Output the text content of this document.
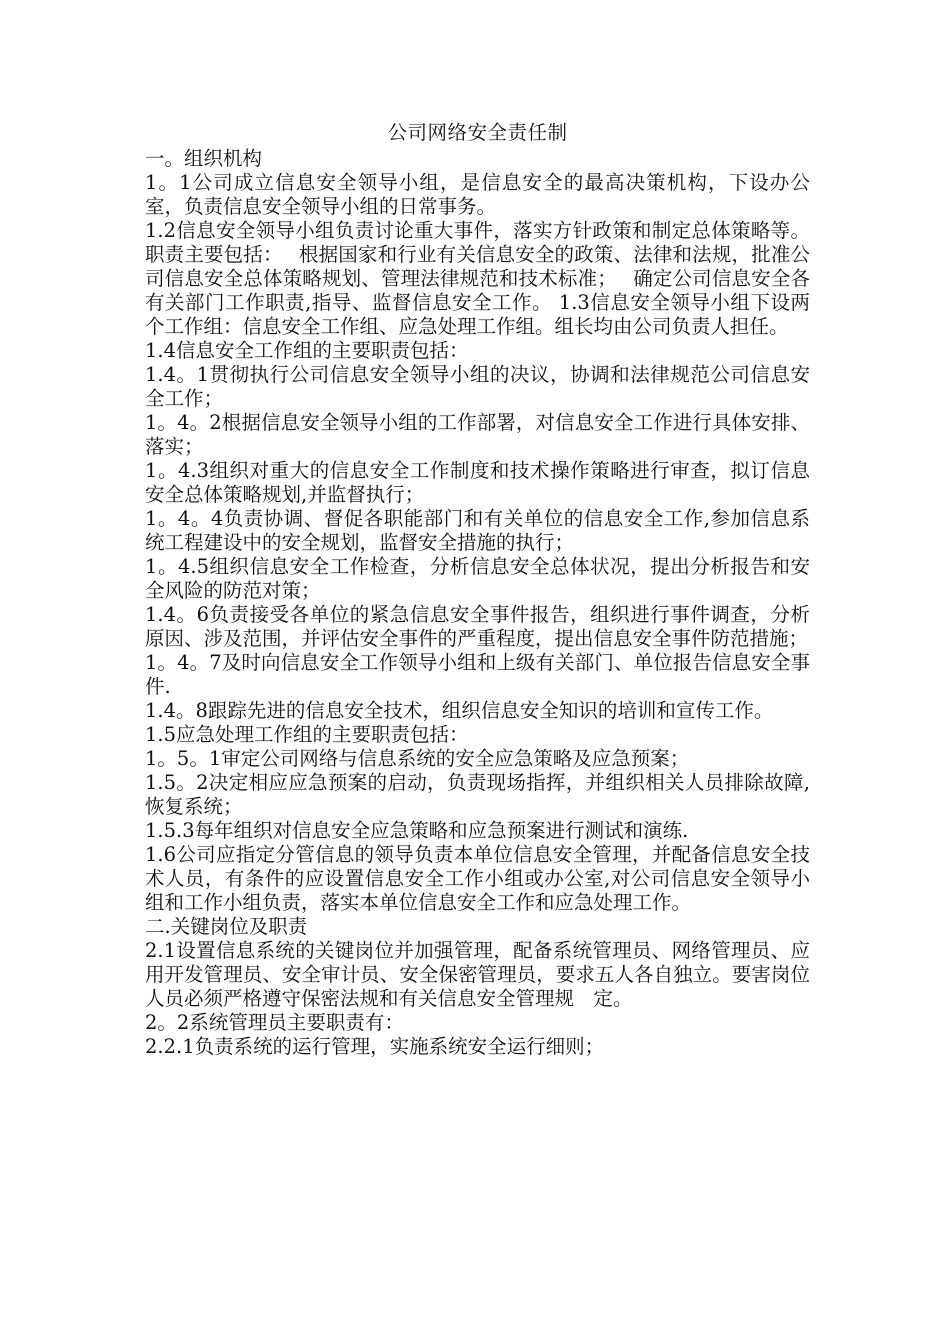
公司网络安全责任制

一。组织机构

1。1公司成立信息安全领导小组，是信息安全的最高决策机构，下设办公室，负责信息安全领导小组的日常事务。

1.2信息安全领导小组负责讨论重大事件，落实方针政策和制定总体策略等。职责主要包括：　 根据国家和行业有关信息安全的政策、法律和法规，批准公司信息安全总体策略规划、管理法律规范和技术标准；　 确定公司信息安全各有关部门工作职责,指导、监督信息安全工作。 1.3信息安全领导小组下设两个工作组：信息安全工作组、应急处理工作组。组长均由公司负责人担任。

1.4信息安全工作组的主要职责包括：

1.4。1贯彻执行公司信息安全领导小组的决议，协调和法律规范公司信息安全工作；

1。4。2根据信息安全领导小组的工作部署，对信息安全工作进行具体安排、落实；

1。4.3组织对重大的信息安全工作制度和技术操作策略进行审查，拟订信息安全总体策略规划,并监督执行；

1。4。4负责协调、督促各职能部门和有关单位的信息安全工作,参加信息系统工程建设中的安全规划，监督安全措施的执行；

1。4.5组织信息安全工作检查，分析信息安全总体状况，提出分析报告和安全风险的防范对策；

1.4。6负责接受各单位的紧急信息安全事件报告，组织进行事件调查，分析原因、涉及范围，并评估安全事件的严重程度，提出信息安全事件防范措施；

1。4。7及时向信息安全工作领导小组和上级有关部门、单位报告信息安全事件.

1.4。8跟踪先进的信息安全技术，组织信息安全知识的培训和宣传工作。

1.5应急处理工作组的主要职责包括：

1。5。1审定公司网络与信息系统的安全应急策略及应急预案；

1.5。2决定相应应急预案的启动，负责现场指挥，并组织相关人员排除故障,恢复系统；

1.5.3每年组织对信息安全应急策略和应急预案进行测试和演练.

1.6公司应指定分管信息的领导负责本单位信息安全管理，并配备信息安全技术人员，有条件的应设置信息安全工作小组或办公室,对公司信息安全领导小组和工作小组负责，落实本单位信息安全工作和应急处理工作。

二.关键岗位及职责

2.1设置信息系统的关键岗位并加强管理，配备系统管理员、网络管理员、应用开发管理员、安全审计员、安全保密管理员，要求五人各自独立。要害岗位人员必须严格遵守保密法规和有关信息安全管理规　定。

2。2系统管理员主要职责有：

2.2.1负责系统的运行管理，实施系统安全运行细则；
